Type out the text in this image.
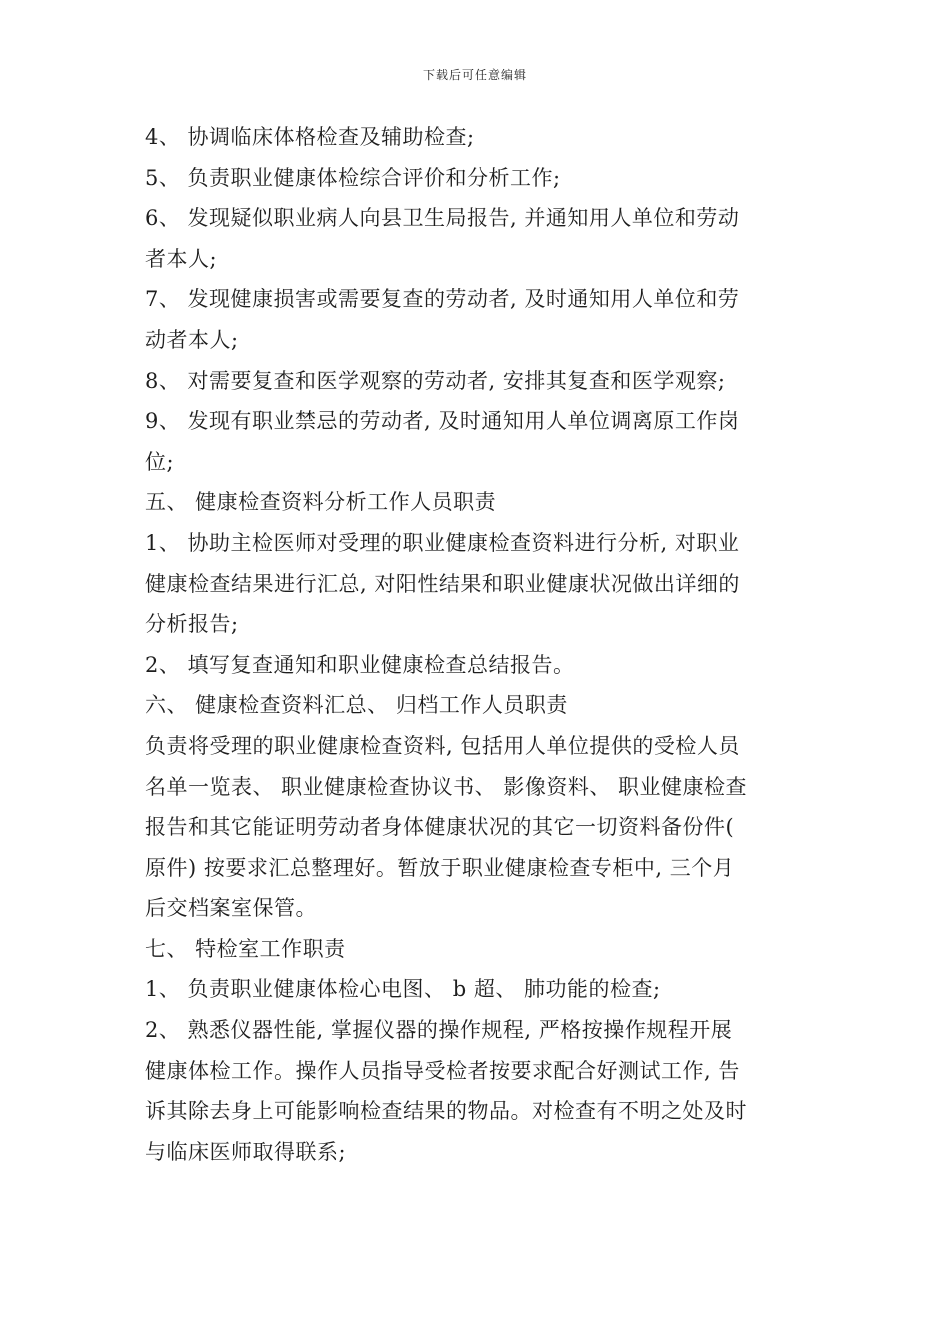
下载后可任意编辑
4、 协调临床体格检查及辅助检查;
5、 负责职业健康体检综合评价和分析工作;
6、 发现疑似职业病人向县卫生局报告, 并通知用人单位和劳动
者本人;
7、 发现健康损害或需要复查的劳动者, 及时通知用人单位和劳
动者本人;
8、 对需要复查和医学观察的劳动者, 安排其复查和医学观察;
9、 发现有职业禁忌的劳动者, 及时通知用人单位调离原工作岗
位;
五、 健康检查资料分析工作人员职责
1、 协助主检医师对受理的职业健康检查资料进行分析, 对职业
健康检查结果进行汇总, 对阳性结果和职业健康状况做出详细的
分析报告;
2、 填写复查通知和职业健康检查总结报告。
六、 健康检查资料汇总、 归档工作人员职责
负责将受理的职业健康检查资料, 包括用人单位提供的受检人员
名单一览表、 职业健康检查协议书、 影像资料、 职业健康检查
报告和其它能证明劳动者身体健康状况的其它一切资料备份件(
原件) 按要求汇总整理好。暂放于职业健康检查专柜中, 三个月
后交档案室保管。
七、 特检室工作职责
1、 负责职业健康体检心电图、 b 超、 肺功能的检查;
2、 熟悉仪器性能, 掌握仪器的操作规程, 严格按操作规程开展
健康体检工作。操作人员指导受检者按要求配合好测试工作, 告
诉其除去身上可能影响检查结果的物品。对检查有不明之处及时
与临床医师取得联系;
